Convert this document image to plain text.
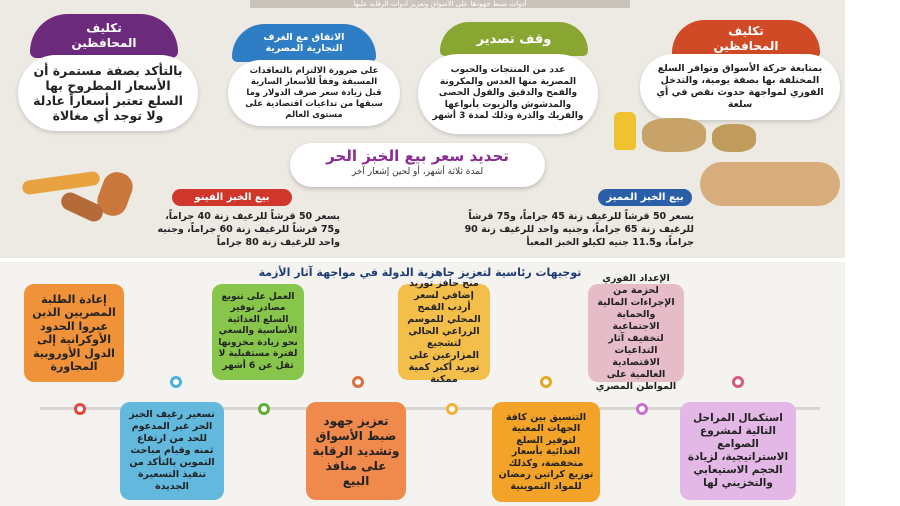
أدوات ضبط جهودها على الأسواق وتعزيز أدوات الرقابة عليها
تكليف المحافظين
بالتأكد بصفة مستمرة أن الأسعار المطروح بها السلع تعتبر أسعاراً عادلة ولا توجد أي مغالاة
الاتفاق مع الغرف التجارية المصرية
على ضرورة الالتزام بالتعاقدات المسبقة وفقاً للأسعار السارية قبل زيادة سعر صرف الدولار وما سبقها من تداعيات اقتصادية على مستوى العالم
وقف تصدير
عدد من المنتجات والحبوب المصرية منها العدس والمكرونة والقمح والدقيق والفول الحصى والمدشوش والزيوت بأنواعها والفريك والذرة وذلك لمدة 3 أشهر
تكليف المحافظين
بمتابعة حركة الأسواق وتوافر السلع المختلفة بها بصفة يومية، والتدخل الفوري لمواجهة حدوث نقص في أي سلعة
تحديد سعر بيع الخبز الحر
لمدة ثلاثة أشهر، أو لحين إشعار آخر
بيع الخبز الفينو
بسعر 50 قرشاً للرغيف زنة 40 جراماً، و75 قرشاً للرغيف زنة 60 جراماً، وجنيه واحد للرغيف زنة 80 جراماً
بيع الخبز المميز
بسعر 50 قرشاً للرغيف زنة 45 جراماً، و75 قرشاً للرغيف زنة 65 جراماً، وجنيه واحد للرغيف زنة 90 جراماً، و11.5 جنيه لكيلو الخبز المعبأ
توجيهات رئاسية لتعزيز جاهزية الدولة في مواجهة آثار الأزمة	الإعداد الفوري لحزمة من الإجراءات المالية والحماية الاجتماعية لتخفيف آثار التداعيات الاقتصادية العالمية على المواطن المصري
منح حافز توريد إضافي لسعر أردب القمح المحلي للموسم الزراعي الحالي لتشجيع المزارعين على توريد أكبر كمية ممكنة
العمل على تنويع مصادر توفير السلع الغذائية الأساسية والسعي نحو زيادة مخزونها لفترة مستقبلية لا تقل عن 6 أشهر
إعادة الطلبة المصريين الذين عبروا الحدود الأوكرانية إلى الدول الأوروبية المجاورة
استكمال المراحل التالية لمشروع الصوامع الاستراتيجية، لزيادة الحجم الاستيعابي والتخزيني لها
التنسيق بين كافة الجهات المعنية لتوفير السلع الغذائية بأسعار منخفضة، وكذلك توزيع كراتين رمضان للمواد التموينية
تعزيز جهود ضبط الأسواق وتشديد الرقابة على منافذ البيع
تسعير رغيف الخبز الحر غير المدعوم للحد من ارتفاع ثمنه وقيام مباحث التموين بالتأكد من تنفيذ التسعيرة الجديدة
